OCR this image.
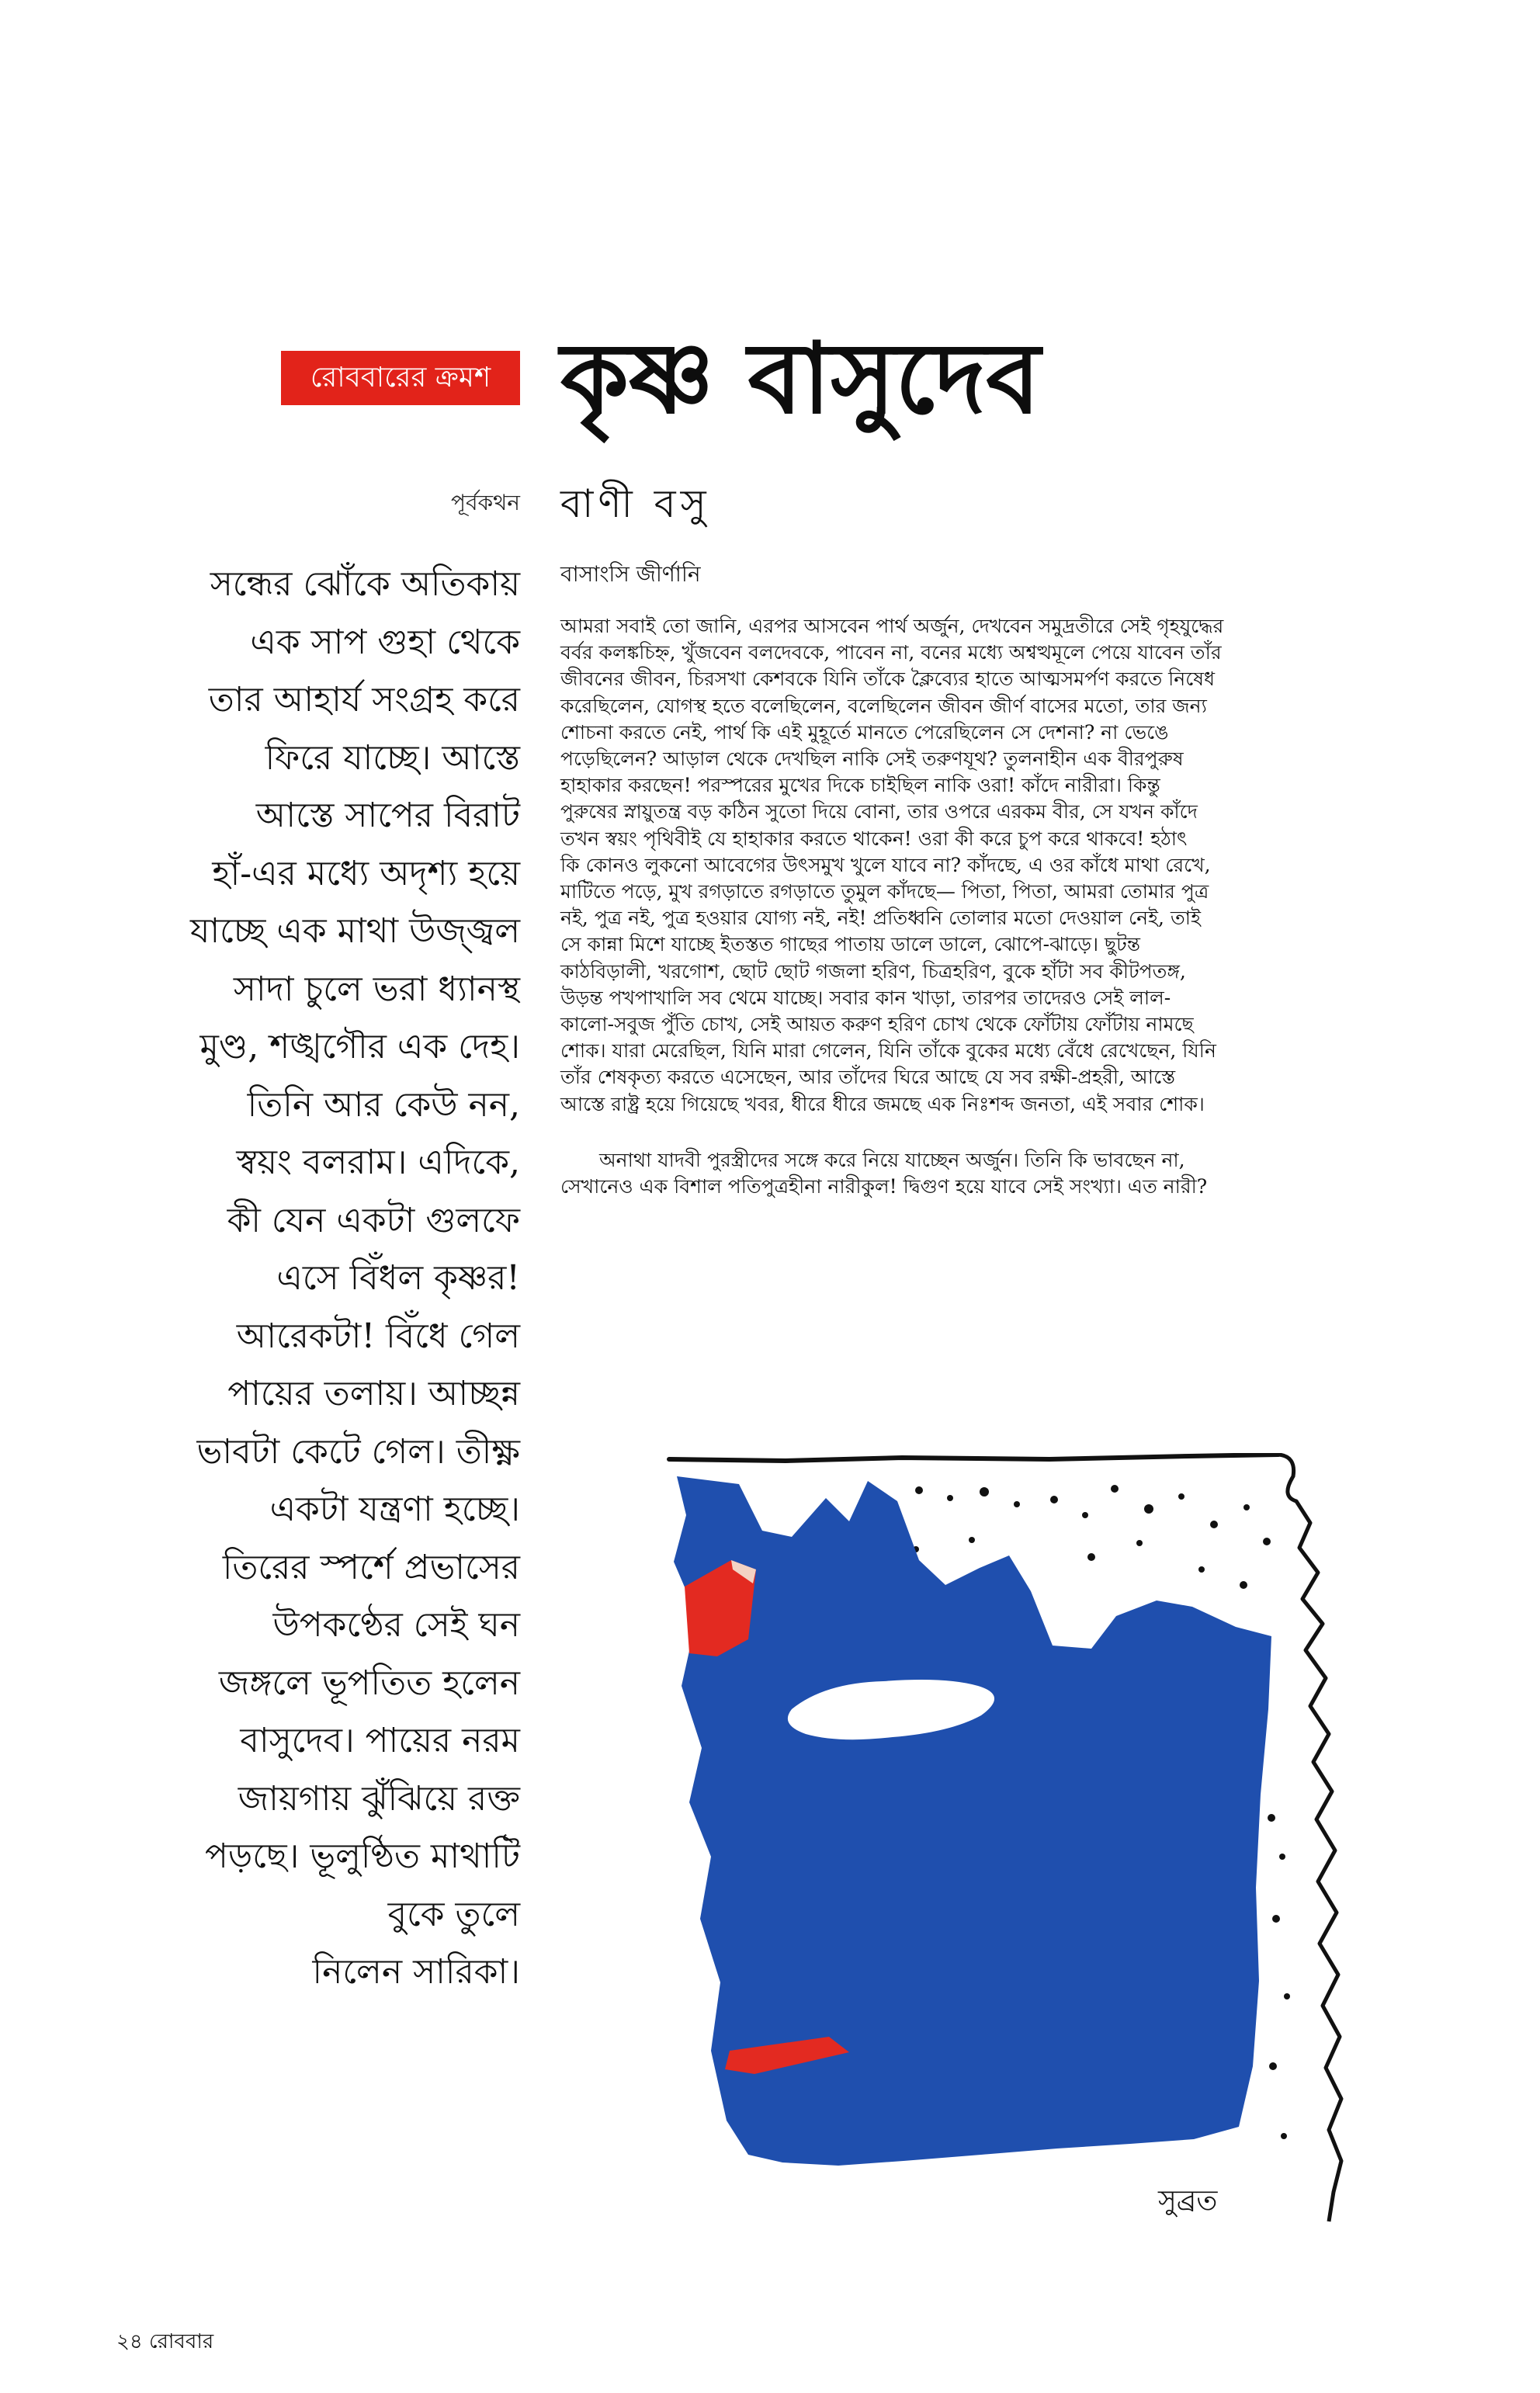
রোববারের ক্রমশ কৃষ্ণ বাসুদেব
পূর্বকথন বাণী বসু
বাসাংসি জীর্ণানি
সন্ধের ঝোঁকে অতিকায়
এক সাপ গুহা থেকে
তার আহার্য সংগ্রহ করে
ফিরে যাচ্ছে। আস্তে
আস্তে সাপের বিরাট
হাঁ-এর মধ্যে অদৃশ্য হয়ে
যাচ্ছে এক মাথা উজ্জ্বল
সাদা চুলে ভরা ধ্যানস্থ
মুণ্ড, শঙ্খগৌর এক দেহ।
তিনি আর কেউ নন,
স্বয়ং বলরাম। এদিকে,
কী যেন একটা গুলফে
এসে বিঁধল কৃষ্ণর!
আরেকটা! বিঁধে গেল
পায়ের তলায়। আচ্ছন্ন
ভাবটা কেটে গেল। তীক্ষ্ণ
একটা যন্ত্রণা হচ্ছে।
তিরের স্পর্শে প্রভাসের
উপকণ্ঠের সেই ঘন
জঙ্গলে ভূপতিত হলেন
বাসুদেব। পায়ের নরম
জায়গায় ঝুঁঝিয়ে রক্ত
পড়ছে। ভূলুণ্ঠিত মাথাটি
বুকে তুলে
নিলেন সারিকা।
আমরা সবাই তো জানি, এরপর আসবেন পার্থ অর্জুন, দেখবেন সমুদ্রতীরে সেই গৃহযুদ্ধের
বর্বর কলঙ্কচিহ্ন, খুঁজবেন বলদেবকে, পাবেন না, বনের মধ্যে অশ্বত্থমূলে পেয়ে যাবেন তাঁর
জীবনের জীবন, চিরসখা কেশবকে যিনি তাঁকে ক্লৈব্যের হাতে আত্মসমর্পণ করতে নিষেধ
করেছিলেন, যোগস্থ হতে বলেছিলেন, বলেছিলেন জীবন জীর্ণ বাসের মতো, তার জন্য
শোচনা করতে নেই, পার্থ কি এই মুহূর্তে মানতে পেরেছিলেন সে দেশনা? না ভেঙে
পড়েছিলেন? আড়াল থেকে দেখছিল নাকি সেই তরুণযূথ? তুলনাহীন এক বীরপুরুষ
হাহাকার করছেন! পরস্পরের মুখের দিকে চাইছিল নাকি ওরা! কাঁদে নারীরা। কিন্তু
পুরুষের স্নায়ুতন্ত্র বড় কঠিন সুতো দিয়ে বোনা, তার ওপরে এরকম বীর, সে যখন কাঁদে
তখন স্বয়ং পৃথিবীই যে হাহাকার করতে থাকেন! ওরা কী করে চুপ করে থাকবে! হঠাৎ
কি কোনও লুকনো আবেগের উৎসমুখ খুলে যাবে না? কাঁদছে, এ ওর কাঁধে মাথা রেখে,
মাটিতে পড়ে, মুখ রগড়াতে রগড়াতে তুমুল কাঁদছে— পিতা, পিতা, আমরা তোমার পুত্র
নই, পুত্র নই, পুত্র হওয়ার যোগ্য নই, নই! প্রতিধ্বনি তোলার মতো দেওয়াল নেই, তাই
সে কান্না মিশে যাচ্ছে ইতস্তত গাছের পাতায় ডালে ডালে, ঝোপে-ঝাড়ে। ছুটন্ত
কাঠবিড়ালী, খরগোশ, ছোট ছোট গজলা হরিণ, চিত্রহরিণ, বুকে হাঁটা সব কীটপতঙ্গ,
উড়ন্ত পখপাখালি সব থেমে যাচ্ছে। সবার কান খাড়া, তারপর তাদেরও সেই লাল-
কালো-সবুজ পুঁতি চোখ, সেই আয়ত করুণ হরিণ চোখ থেকে ফোঁটায় ফোঁটায় নামছে
শোক। যারা মেরেছিল, যিনি মারা গেলেন, যিনি তাঁকে বুকের মধ্যে বেঁধে রেখেছেন, যিনি
তাঁর শেষকৃত্য করতে এসেছেন, আর তাঁদের ঘিরে আছে যে সব রক্ষী-প্রহরী, আস্তে
আস্তে রাষ্ট্র হয়ে গিয়েছে খবর, ধীরে ধীরে জমছে এক নিঃশব্দ জনতা, এই সবার শোক।
অনাথা যাদবী পুরস্ত্রীদের সঙ্গে করে নিয়ে যাচ্ছেন অর্জুন। তিনি কি ভাবছেন না,
সেখানেও এক বিশাল পতিপুত্রহীনা নারীকুল! দ্বিগুণ হয়ে যাবে সেই সংখ্যা। এত নারী?
সুব্রত
২৪ রোববার
